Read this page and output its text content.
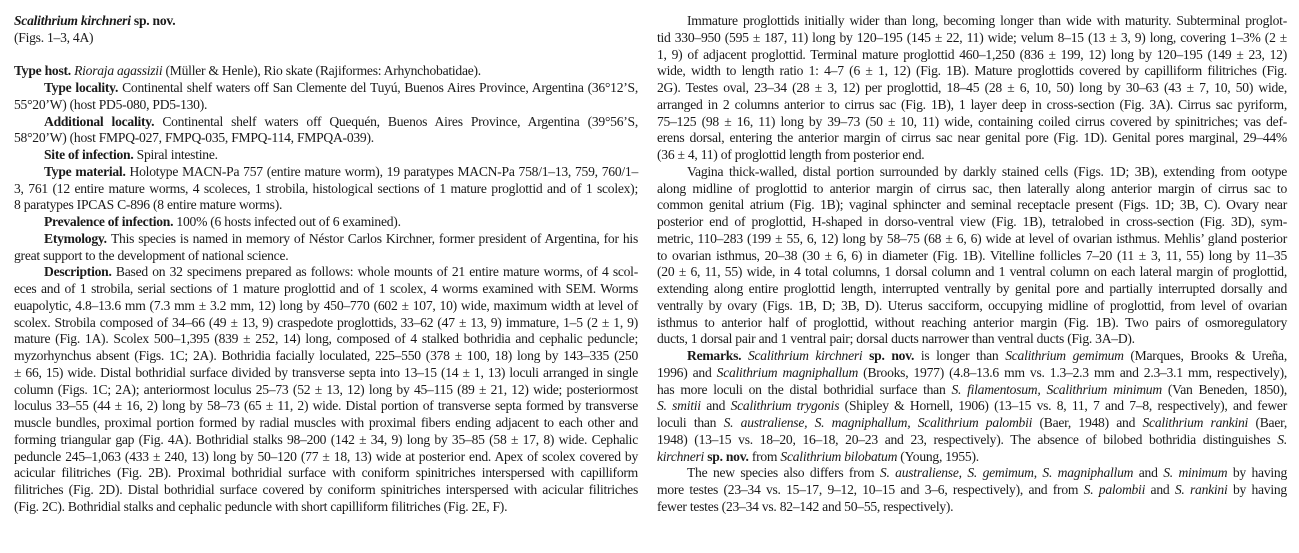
Scalithrium kirchneri sp. nov.
(Figs. 1–3, 4A)
Type host. Rioraja agassizii (Müller & Henle), Rio skate (Rajiformes: Arhynchobatidae).
Type locality. Continental shelf waters off San Clemente del Tuyú, Buenos Aires Province, Argentina (36°12’S,
55°20’W) (host PD5-080, PD5-130).
Additional locality. Continental shelf waters off Quequén, Buenos Aires Province, Argentina (39°56’S,
58°20’W) (host FMPQ-027, FMPQ-035, FMPQ-114, FMPQA-039).
Site of infection. Spiral intestine.
Type material. Holotype MACN-Pa 757 (entire mature worm), 19 paratypes MACN-Pa 758/1–13, 759, 760/1–
3, 761 (12 entire mature worms, 4 scoleces, 1 strobila, histological sections of 1 mature proglottid and of 1 scolex);
8 paratypes IPCAS C-896 (8 entire mature worms).
Prevalence of infection. 100% (6 hosts infected out of 6 examined).
Etymology. This species is named in memory of Néstor Carlos Kirchner, former president of Argentina, for his
great support to the development of national science.
Description. Based on 32 specimens prepared as follows: whole mounts of 21 entire mature worms, of 4 scol-
eces and of 1 strobila, serial sections of 1 mature proglottid and of 1 scolex, 4 worms examined with SEM. Worms
euapolytic, 4.8–13.6 mm (7.3 mm ± 3.2 mm, 12) long by 450–770 (602 ± 107, 10) wide, maximum width at level of
scolex. Strobila composed of 34–66 (49 ± 13, 9) craspedote proglottids, 33–62 (47 ± 13, 9) immature, 1–5 (2 ± 1, 9)
mature (Fig. 1A). Scolex 500–1,395 (839 ± 252, 14) long, composed of 4 stalked bothridia and cephalic peduncle;
myzorhynchus absent (Figs. 1C; 2A). Bothridia facially loculated, 225–550 (378 ± 100, 18) long by 143–335 (250
± 66, 15) wide. Distal bothridial surface divided by transverse septa into 13–15 (14 ± 1, 13) loculi arranged in single
column (Figs. 1C; 2A); anteriormost loculus 25–73 (52 ± 13, 12) long by 45–115 (89 ± 21, 12) wide; posteriormost
loculus 33–55 (44 ± 16, 2) long by 58–73 (65 ± 11, 2) wide. Distal portion of transverse septa formed by transverse
muscle bundles, proximal portion formed by radial muscles with proximal fibers ending adjacent to each other and
forming triangular gap (Fig. 4A). Bothridial stalks 98–200 (142 ± 34, 9) long by 35–85 (58 ± 17, 8) wide. Cephalic
peduncle 245–1,063 (433 ± 240, 13) long by 50–120 (77 ± 18, 13) wide at posterior end. Apex of scolex covered by
acicular filitriches (Fig. 2B). Proximal bothridial surface with coniform spinitriches interspersed with capilliform
filitriches (Fig. 2D). Distal bothridial surface covered by coniform spinitriches interspersed with acicular filitriches
(Fig. 2C). Bothridial stalks and cephalic peduncle with short capilliform filitriches (Fig. 2E, F).
Immature proglottids initially wider than long, becoming longer than wide with maturity. Subterminal proglot-
tid 330–950 (595 ± 187, 11) long by 120–195 (145 ± 22, 11) wide; velum 8–15 (13 ± 3, 9) long, covering 1–3% (2 ±
1, 9) of adjacent proglottid. Terminal mature proglottid 460–1,250 (836 ± 199, 12) long by 120–195 (149 ± 23, 12)
wide, width to length ratio 1: 4–7 (6 ± 1, 12) (Fig. 1B). Mature proglottids covered by capilliform filitriches (Fig.
2G). Testes oval, 23–34 (28 ± 3, 12) per proglottid, 18–45 (28 ± 6, 10, 50) long by 30–63 (43 ± 7, 10, 50) wide,
arranged in 2 columns anterior to cirrus sac (Fig. 1B), 1 layer deep in cross-section (Fig. 3A). Cirrus sac pyriform,
75–125 (98 ± 16, 11) long by 39–73 (50 ± 10, 11) wide, containing coiled cirrus covered by spinitriches; vas def-
erens dorsal, entering the anterior margin of cirrus sac near genital pore (Fig. 1D). Genital pores marginal, 29–44%
(36 ± 4, 11) of proglottid length from posterior end.
Vagina thick-walled, distal portion surrounded by darkly stained cells (Figs. 1D; 3B), extending from ootype
along midline of proglottid to anterior margin of cirrus sac, then laterally along anterior margin of cirrus sac to
common genital atrium (Fig. 1B); vaginal sphincter and seminal receptacle present (Figs. 1D; 3B, C). Ovary near
posterior end of proglottid, H-shaped in dorso-ventral view (Fig. 1B), tetralobed in cross-section (Fig. 3D), sym-
metric, 110–283 (199 ± 55, 6, 12) long by 58–75 (68 ± 6, 6) wide at level of ovarian isthmus. Mehlis’ gland posterior
to ovarian isthmus, 20–38 (30 ± 6, 6) in diameter (Fig. 1B). Vitelline follicles 7–20 (11 ± 3, 11, 55) long by 11–35
(20 ± 6, 11, 55) wide, in 4 total columns, 1 dorsal column and 1 ventral column on each lateral margin of proglottid,
extending along entire proglottid length, interrupted ventrally by genital pore and partially interrupted dorsally and
ventrally by ovary (Figs. 1B, D; 3B, D). Uterus sacciform, occupying midline of proglottid, from level of ovarian
isthmus to anterior half of proglottid, without reaching anterior margin (Fig. 1B). Two pairs of osmoregulatory
ducts, 1 dorsal pair and 1 ventral pair; dorsal ducts narrower than ventral ducts (Fig. 3A–D).
Remarks. Scalithrium kirchneri sp. nov. is longer than Scalithrium gemimum (Marques, Brooks & Ureña,
1996) and Scalithrium magniphallum (Brooks, 1977) (4.8–13.6 mm vs. 1.3–2.3 mm and 2.3–3.1 mm, respectively),
has more loculi on the distal bothridial surface than S. filamentosum, Scalithrium minimum (Van Beneden, 1850),
S. smitii and Scalithrium trygonis (Shipley & Hornell, 1906) (13–15 vs. 8, 11, 7 and 7–8, respectively), and fewer
loculi than S. australiense, S. magniphallum, Scalithrium palombii (Baer, 1948) and Scalithrium rankini (Baer,
1948) (13–15 vs. 18–20, 16–18, 20–23 and 23, respectively). The absence of bilobed bothridia distinguishes S.
kirchneri sp. nov. from Scalithrium bilobatum (Young, 1955).
The new species also differs from S. australiense, S. gemimum, S. magniphallum and S. minimum by having
more testes (23–34 vs. 15–17, 9–12, 10–15 and 3–6, respectively), and from S. palombii and S. rankini by having
fewer testes (23–34 vs. 82–142 and 50–55, respectively).
